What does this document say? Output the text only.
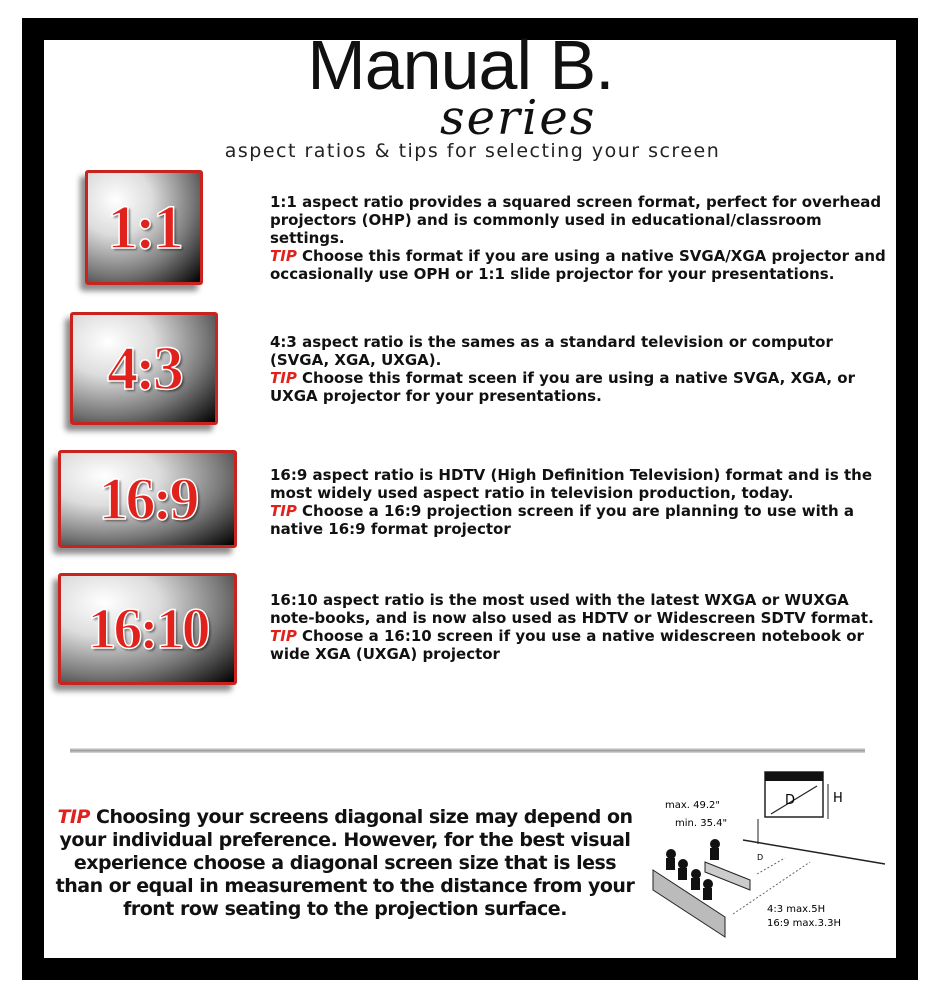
Manual B.
series
aspect ratios & tips for selecting your screen
1:1
4:3
16:9
16:10
1:1 aspect ratio provides a squared screen format, perfect for overhead projectors (OHP) and is commonly used in educational/classroom settings.
TIP Choose this format if you are using a native SVGA/XGA projector and occasionally use OPH or 1:1 slide projector for your presentations.
4:3 aspect ratio is the sames as a standard television or computor (SVGA, XGA, UXGA).
TIP Choose this format sceen if you are using a native SVGA, XGA, or UXGA projector for your presentations.
16:9 aspect ratio is HDTV (High Definition Television) format and is the most widely used aspect ratio in television production, today.
TIP Choose a 16:9 projection screen if you are planning to use with a native 16:9 format projector
16:10 aspect ratio is the most used with the latest WXGA or WUXGA note-books, and is now also used as HDTV or Widescreen SDTV format.
TIP Choose a 16:10 screen if you use a native widescreen notebook or wide XGA (UXGA) projector
TIP Choosing your screens diagonal size may depend on your individual preference. However, for the best visual experience choose a diagonal screen size that is less than or equal in measurement to the distance from your front row seating to the projection surface.
D	H
max. 49.2"
min. 35.4"
D
4:3 max.5H
16:9 max.3.3H
